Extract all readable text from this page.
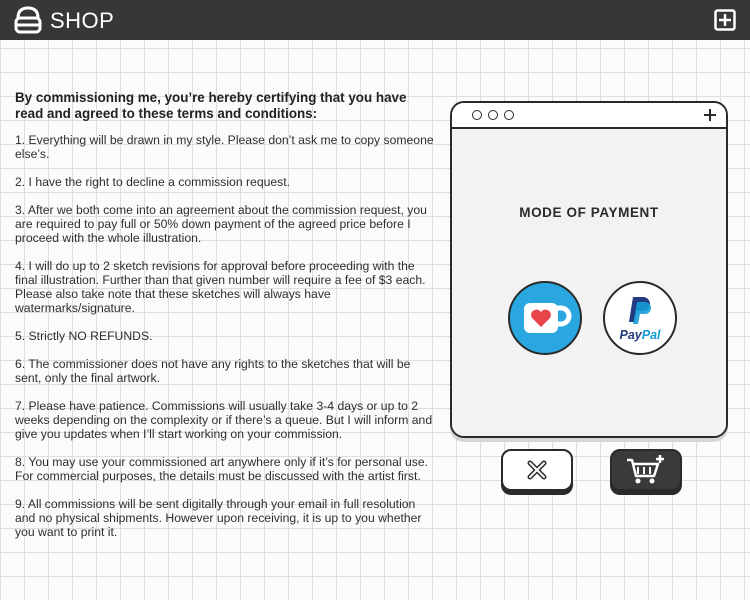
SHOP
By commissioning me, you’re hereby certifying that you have read and agreed to these terms and conditions:

1. Everything will be drawn in my style. Please don’t ask me to copy someone else’s.

2. I have the right to decline a commission request.

3. After we both come into an agreement about the commission request, you are required to pay full or 50% down payment of the agreed price before I proceed with the whole illustration.

4. I will do up to 2 sketch revisions for approval before proceeding with the final illustration. Further than that given number will require a fee of $3 each. Please also take note that these sketches will always have watermarks/signature.

5. Strictly NO REFUNDS.

6. The commissioner does not have any rights to the sketches that will be sent, only the final artwork.

7. Please have patience. Commissions will usually take 3-4 days or up to 2 weeks depending on the complexity or if there’s a queue. But I will inform and give you updates when I’ll start working on your commission.

8. You may use your commissioned art anywhere only if it’s for personal use. For commercial purposes, the details must be discussed with the artist first.

9. All commissions will be sent digitally through your email in full resolution and no physical shipments. However upon receiving, it is up to you whether you want to print it.

MODE OF PAYMENT
PayPal
